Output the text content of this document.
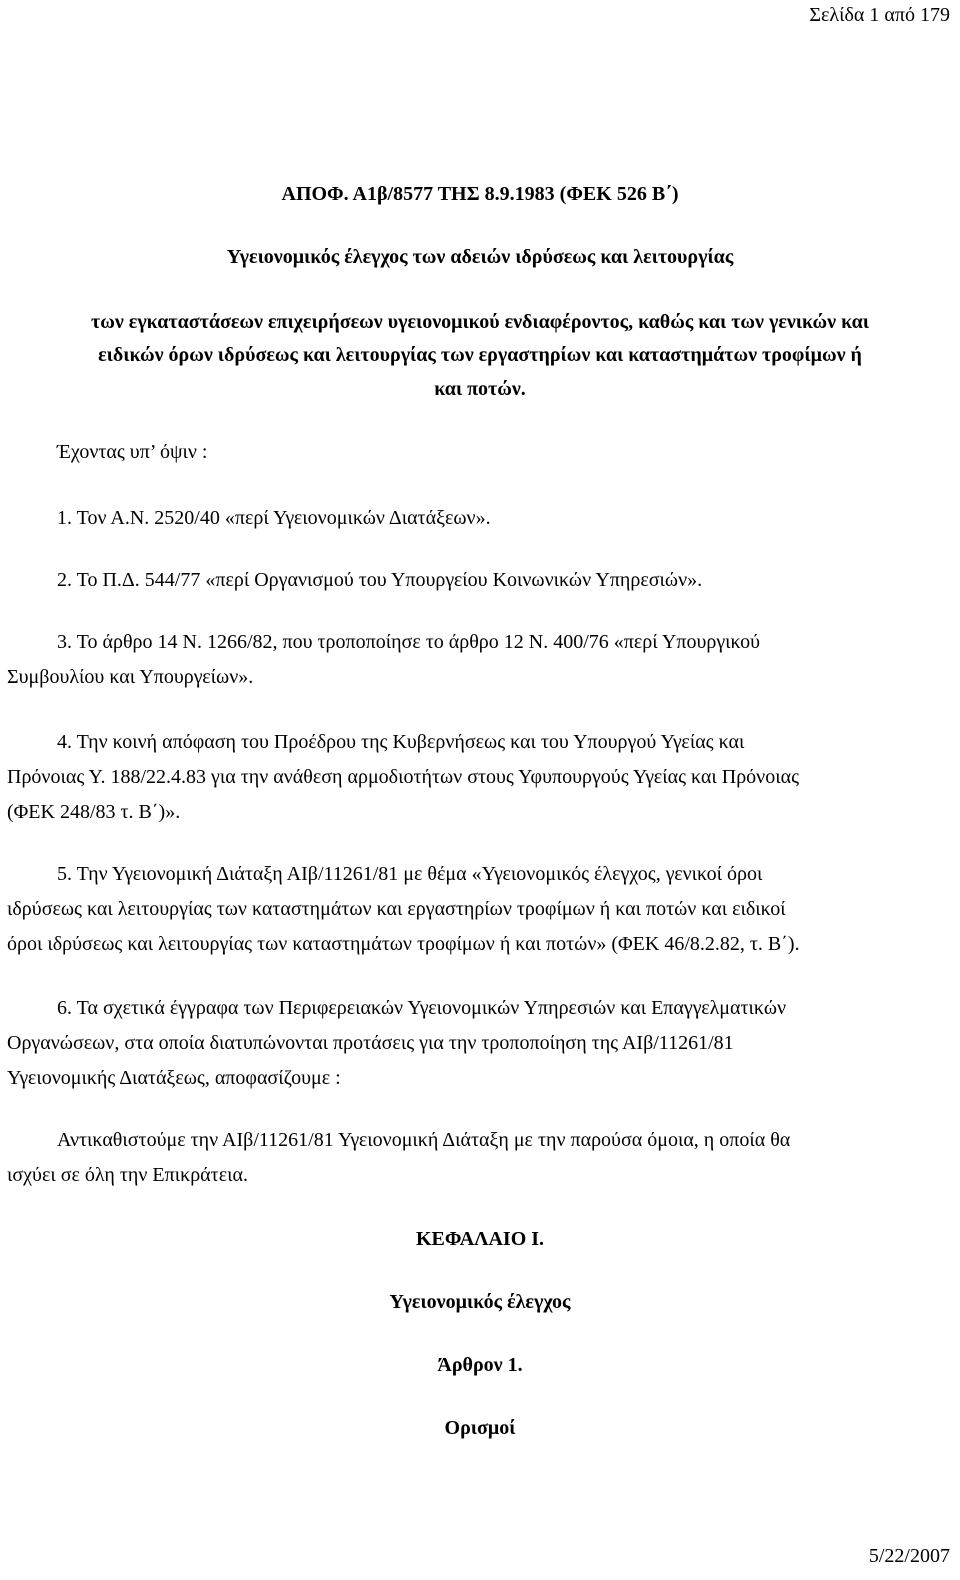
Σελίδα 1 από 179
ΑΠΟΦ. Α1β/8577 ΤΗΣ 8.9.1983 (ΦΕΚ 526 Β΄)
Υγειονομικός έλεγχος των αδειών ιδρύσεως και λειτουργίας
των εγκαταστάσεων επιχειρήσεων υγειονομικού ενδιαφέροντος, καθώς και των γενικών και
ειδικών όρων ιδρύσεως και λειτουργίας των εργαστηρίων και καταστημάτων τροφίμων ή
και ποτών.
Έχοντας υπ’ όψιν :
1. Τον Α.Ν. 2520/40 «περί Υγειονομικών Διατάξεων».
2. Το Π.Δ. 544/77 «περί Οργανισμού του Υπουργείου Κοινωνικών Υπηρεσιών».
3. Το άρθρο 14 Ν. 1266/82, που τροποποίησε το άρθρο 12 Ν. 400/76 «περί Υπουργικού
Συμβουλίου και Υπουργείων».
4. Την κοινή απόφαση του Προέδρου της Κυβερνήσεως και του Υπουργού Υγείας και
Πρόνοιας Υ. 188/22.4.83 για την ανάθεση αρμοδιοτήτων στους Υφυπουργούς Υγείας και Πρόνοιας
(ΦΕΚ 248/83 τ. Β΄)».
5. Την Υγειονομική Διάταξη ΑΙβ/11261/81 με θέμα «Υγειονομικός έλεγχος, γενικοί όροι
ιδρύσεως και λειτουργίας των καταστημάτων και εργαστηρίων τροφίμων ή και ποτών και ειδικοί
όροι ιδρύσεως και λειτουργίας των καταστημάτων τροφίμων ή και ποτών» (ΦΕΚ 46/8.2.82, τ. Β΄).
6. Τα σχετικά έγγραφα των Περιφερειακών Υγειονομικών Υπηρεσιών και Επαγγελματικών
Οργανώσεων, στα οποία διατυπώνονται προτάσεις για την τροποποίηση της ΑΙβ/11261/81
Υγειονομικής Διατάξεως, αποφασίζουμε :
Αντικαθιστούμε την ΑΙβ/11261/81 Υγειονομική Διάταξη με την παρούσα όμοια, η οποία θα
ισχύει σε όλη την Επικράτεια.
ΚΕΦΑΛΑΙΟ Ι.
Υγειονομικός έλεγχος
Άρθρον 1.
Ορισμοί
5/22/2007
